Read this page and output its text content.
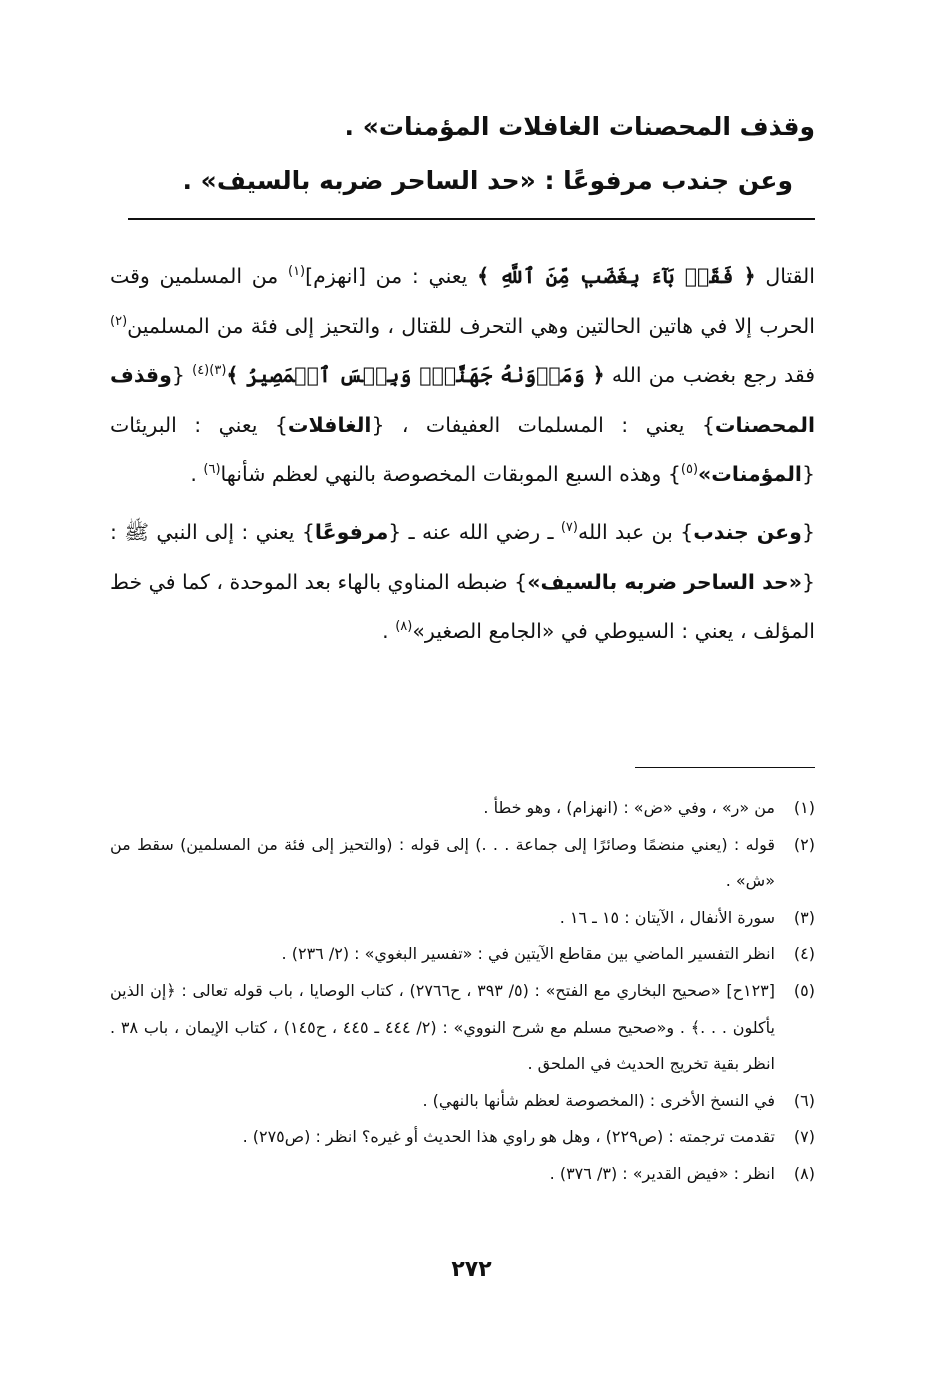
وقذف المحصنات الغافلات المؤمنات» .

وعن جندب مرفوعًا : «حد الساحر ضربه بالسيف» .

القتال ﴿ فَقَدۡ بَآءَ بِغَضَبٖ مِّنَ ٱللَّهِ ﴾ يعني : من [انهزم]$^{(١)}$ من المسلمين وقت الحرب إلا في هاتين الحالتين وهي التحرف للقتال ، والتحيز إلى فئة من المسلمين$^{(٢)}$ فقد رجع بغضب من الله ﴿ وَمَأۡوَىٰهُ جَهَنَّمُۖ وَبِئۡسَ ٱلۡمَصِيرُ ﴾$^{(٣)(٤)}$ {وقذف المحصنات} يعني : المسلمات العفيفات ، {الغافلات} يعني : البريئات {المؤمنات»$^{(٥)}$} وهذه السبع الموبقات المخصوصة بالنهي لعظم شأنها$^{(٦)}$ .

{وعن جندب} بن عبد الله$^{(٧)}$ ـ رضي الله عنه ـ {مرفوعًا} يعني : إلى النبي ﷺ : {«حد الساحر ضربه بالسيف»} ضبطه المناوي بالهاء بعد الموحدة ، كما في خط المؤلف ، يعني : السيوطي في «الجامع الصغير»$^{(٨)}$ .

(١)
من «ر» ، وفي «ض» : (انهزام) ، وهو خطأ .
(٢)
قوله : (يعني منضمًا وصائرًا إلى جماعة . . .) إلى قوله : (والتحيز إلى فئة من المسلمين) سقط من «ش» .
(٣)
سورة الأنفال ، الآيتان : ١٥ ـ ١٦ .
(٤)
انظر التفسير الماضي بين مقاطع الآيتين في : «تفسير البغوي» : (٢/ ٢٣٦) .
(٥)
[١٢٣ح] «صحيح البخاري مع الفتح» : (٥/ ٣٩٣ ، ح٢٧٦٦) ، كتاب الوصايا ، باب قوله تعالى : ﴿إن الذين يأكلون . . .﴾ . و«صحيح مسلم مع شرح النووي» : (٢/ ٤٤٤ ـ ٤٤٥ ، ح١٤٥) ، كتاب الإيمان ، باب ٣٨ . انظر بقية تخريج الحديث في الملحق .
(٦)
في النسخ الأخرى : (المخصوصة لعظم شأنها بالنهي) .
(٧)
تقدمت ترجمته : (ص٢٢٩) ، وهل هو راوي هذا الحديث أو غيره؟ انظر : (ص٢٧٥) .
(٨)
انظر : «فيض القدير» : (٣/ ٣٧٦) .
٢٧٢
